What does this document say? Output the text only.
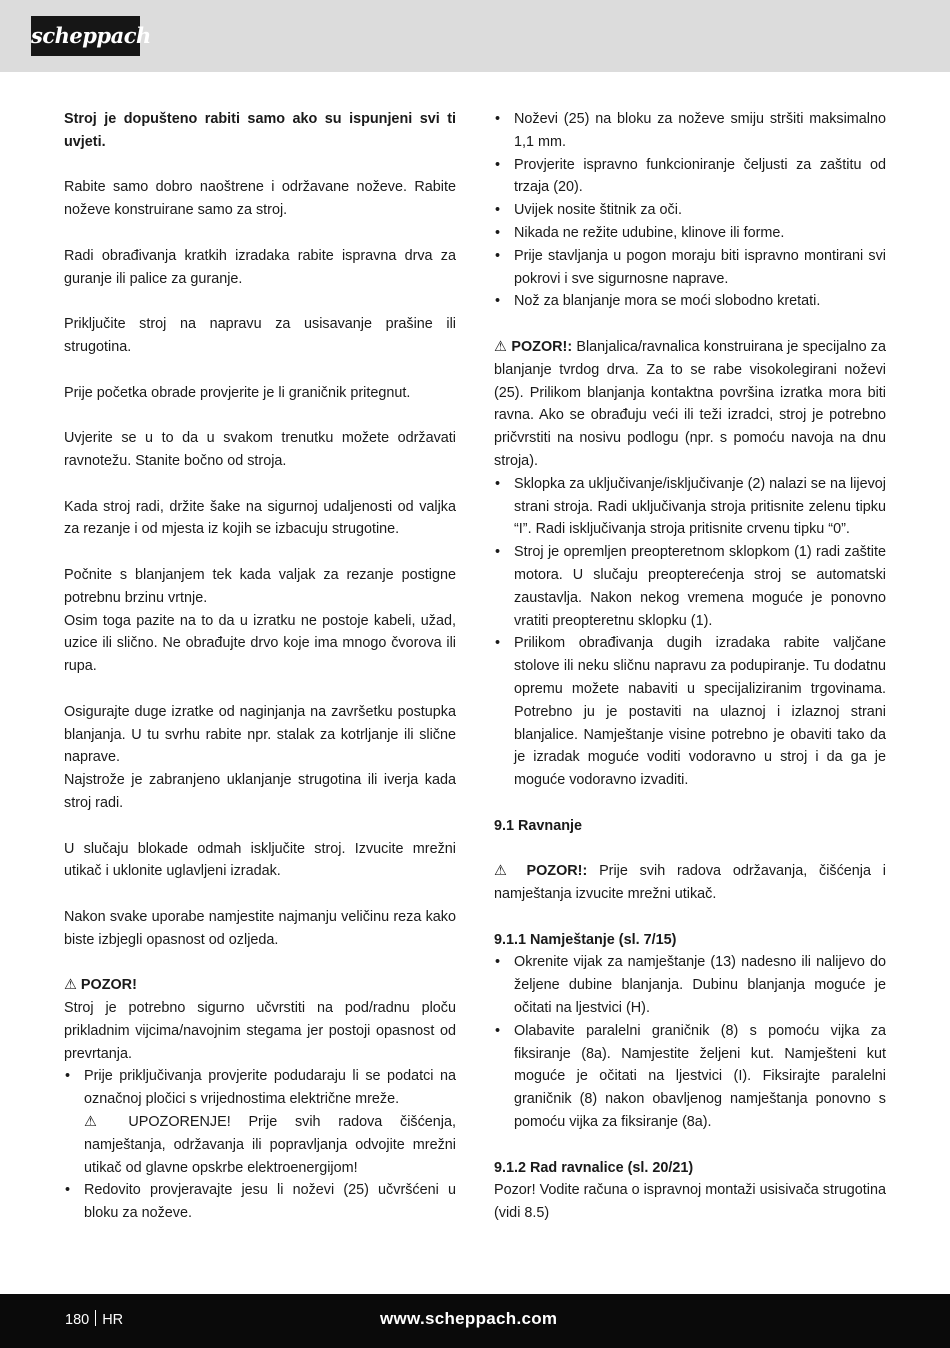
scheppach

Stroj je dopušteno rabiti samo ako su ispunjeni svi ti uvjeti.

Rabite samo dobro naoštrene i održavane noževe. Rabite noževe konstruirane samo za stroj.

Radi obrađivanja kratkih izradaka rabite ispravna drva za guranje ili palice za guranje.

Priključite stroj na napravu za usisavanje prašine ili strugotina.

Prije početka obrade provjerite je li graničnik pritegnut.

Uvjerite se u to da u svakom trenutku možete održavati ravnotežu. Stanite bočno od stroja.

Kada stroj radi, držite šake na sigurnoj udaljenosti od valjka za rezanje i od mjesta iz kojih se izbacuju strugotine.

Počnite s blanjanjem tek kada valjak za rezanje postigne potrebnu brzinu vrtnje.

Osim toga pazite na to da u izratku ne postoje kabeli, užad, uzice ili slično. Ne obrađujte drvo koje ima mnogo čvorova ili rupa.

Osigurajte duge izratke od naginjanja na završetku postupka blanjanja. U tu svrhu rabite npr. stalak za kotrljanje ili slične naprave.

Najstrože je zabranjeno uklanjanje strugotina ili iverja kada stroj radi.

U slučaju blokade odmah isključite stroj. Izvucite mrežni utikač i uklonite uglavljeni izradak.

Nakon svake uporabe namjestite najmanju veličinu reza kako biste izbjegli opasnost od ozljeda.

⚠ POZOR!

Stroj je potrebno sigurno učvrstiti na pod/radnu ploču prikladnim vijcima/navojnim stegama jer postoji opasnost od prevrtanja.

• Prije priključivanja provjerite podudaraju li se podatci na označnoj pločici s vrijednostima električne mreže.

⚠ UPOZORENJE! Prije svih radova čišćenja, namještanja, održavanja ili popravljanja odvojite mrežni utikač od glavne opskrbe elektroenergijom!

• Redovito provjeravajte jesu li noževi (25) učvršćeni u bloku za noževe.
• Noževi (25) na bloku za noževe smiju stršiti maksimalno 1,1 mm.
• Provjerite ispravno funkcioniranje čeljusti za zaštitu od trzaja (20).
• Uvijek nosite štitnik za oči.
• Nikada ne režite udubine, klinove ili forme.
• Prije stavljanja u pogon moraju biti ispravno montirani svi pokrovi i sve sigurnosne naprave.
• Nož za blanjanje mora se moći slobodno kretati.

⚠ POZOR!: Blanjalica/ravnalica konstruirana je specijalno za blanjanje tvrdog drva. Za to se rabe visokolegirani noževi (25). Prilikom blanjanja kontaktna površina izratka mora biti ravna. Ako se obrađuju veći ili teži izradci, stroj je potrebno pričvrstiti na nosivu podlogu (npr. s pomoću navoja na dnu stroja).

• Sklopka za uključivanje/isključivanje (2) nalazi se na lijevoj strani stroja. Radi uključivanja stroja pritisnite zelenu tipku “I”. Radi isključivanja stroja pritisnite crvenu tipku “0”.
• Stroj je opremljen preopteretnom sklopkom (1) radi zaštite motora. U slučaju preopterećenja stroj se automatski zaustavlja. Nakon nekog vremena moguće je ponovno vratiti preopteretnu sklopku (1).
• Prilikom obrađivanja dugih izradaka rabite valjčane stolove ili neku sličnu napravu za podupiranje. Tu dodatnu opremu možete nabaviti u specijaliziranim trgovinama. Potrebno ju je postaviti na ulaznoj i izlaznoj strani blanjalice. Namještanje visine potrebno je obaviti tako da je izradak moguće voditi vodoravno u stroj i da ga je moguće vodoravno izvaditi.

9.1 Ravnanje

⚠ POZOR!: Prije svih radova održavanja, čišćenja i namještanja izvucite mrežni utikač.

9.1.1 Namještanje (sl. 7/15)

• Okrenite vijak za namještanje (13) nadesno ili nalijevo do željene dubine blanjanja. Dubinu blanjanja moguće je očitati na ljestvici (H).
• Olabavite paralelni graničnik (8) s pomoću vijka za fiksiranje (8a). Namjestite željeni kut. Namješteni kut moguće je očitati na ljestvici (I). Fiksirajte paralelni graničnik (8) nakon obavljenog namještanja ponovno s pomoću vijka za fiksiranje (8a).

9.1.2 Rad ravnalice (sl. 20/21)

Pozor! Vodite računa o ispravnoj montaži usisivača strugotina (vidi 8.5)

180 HR	www.scheppach.com
